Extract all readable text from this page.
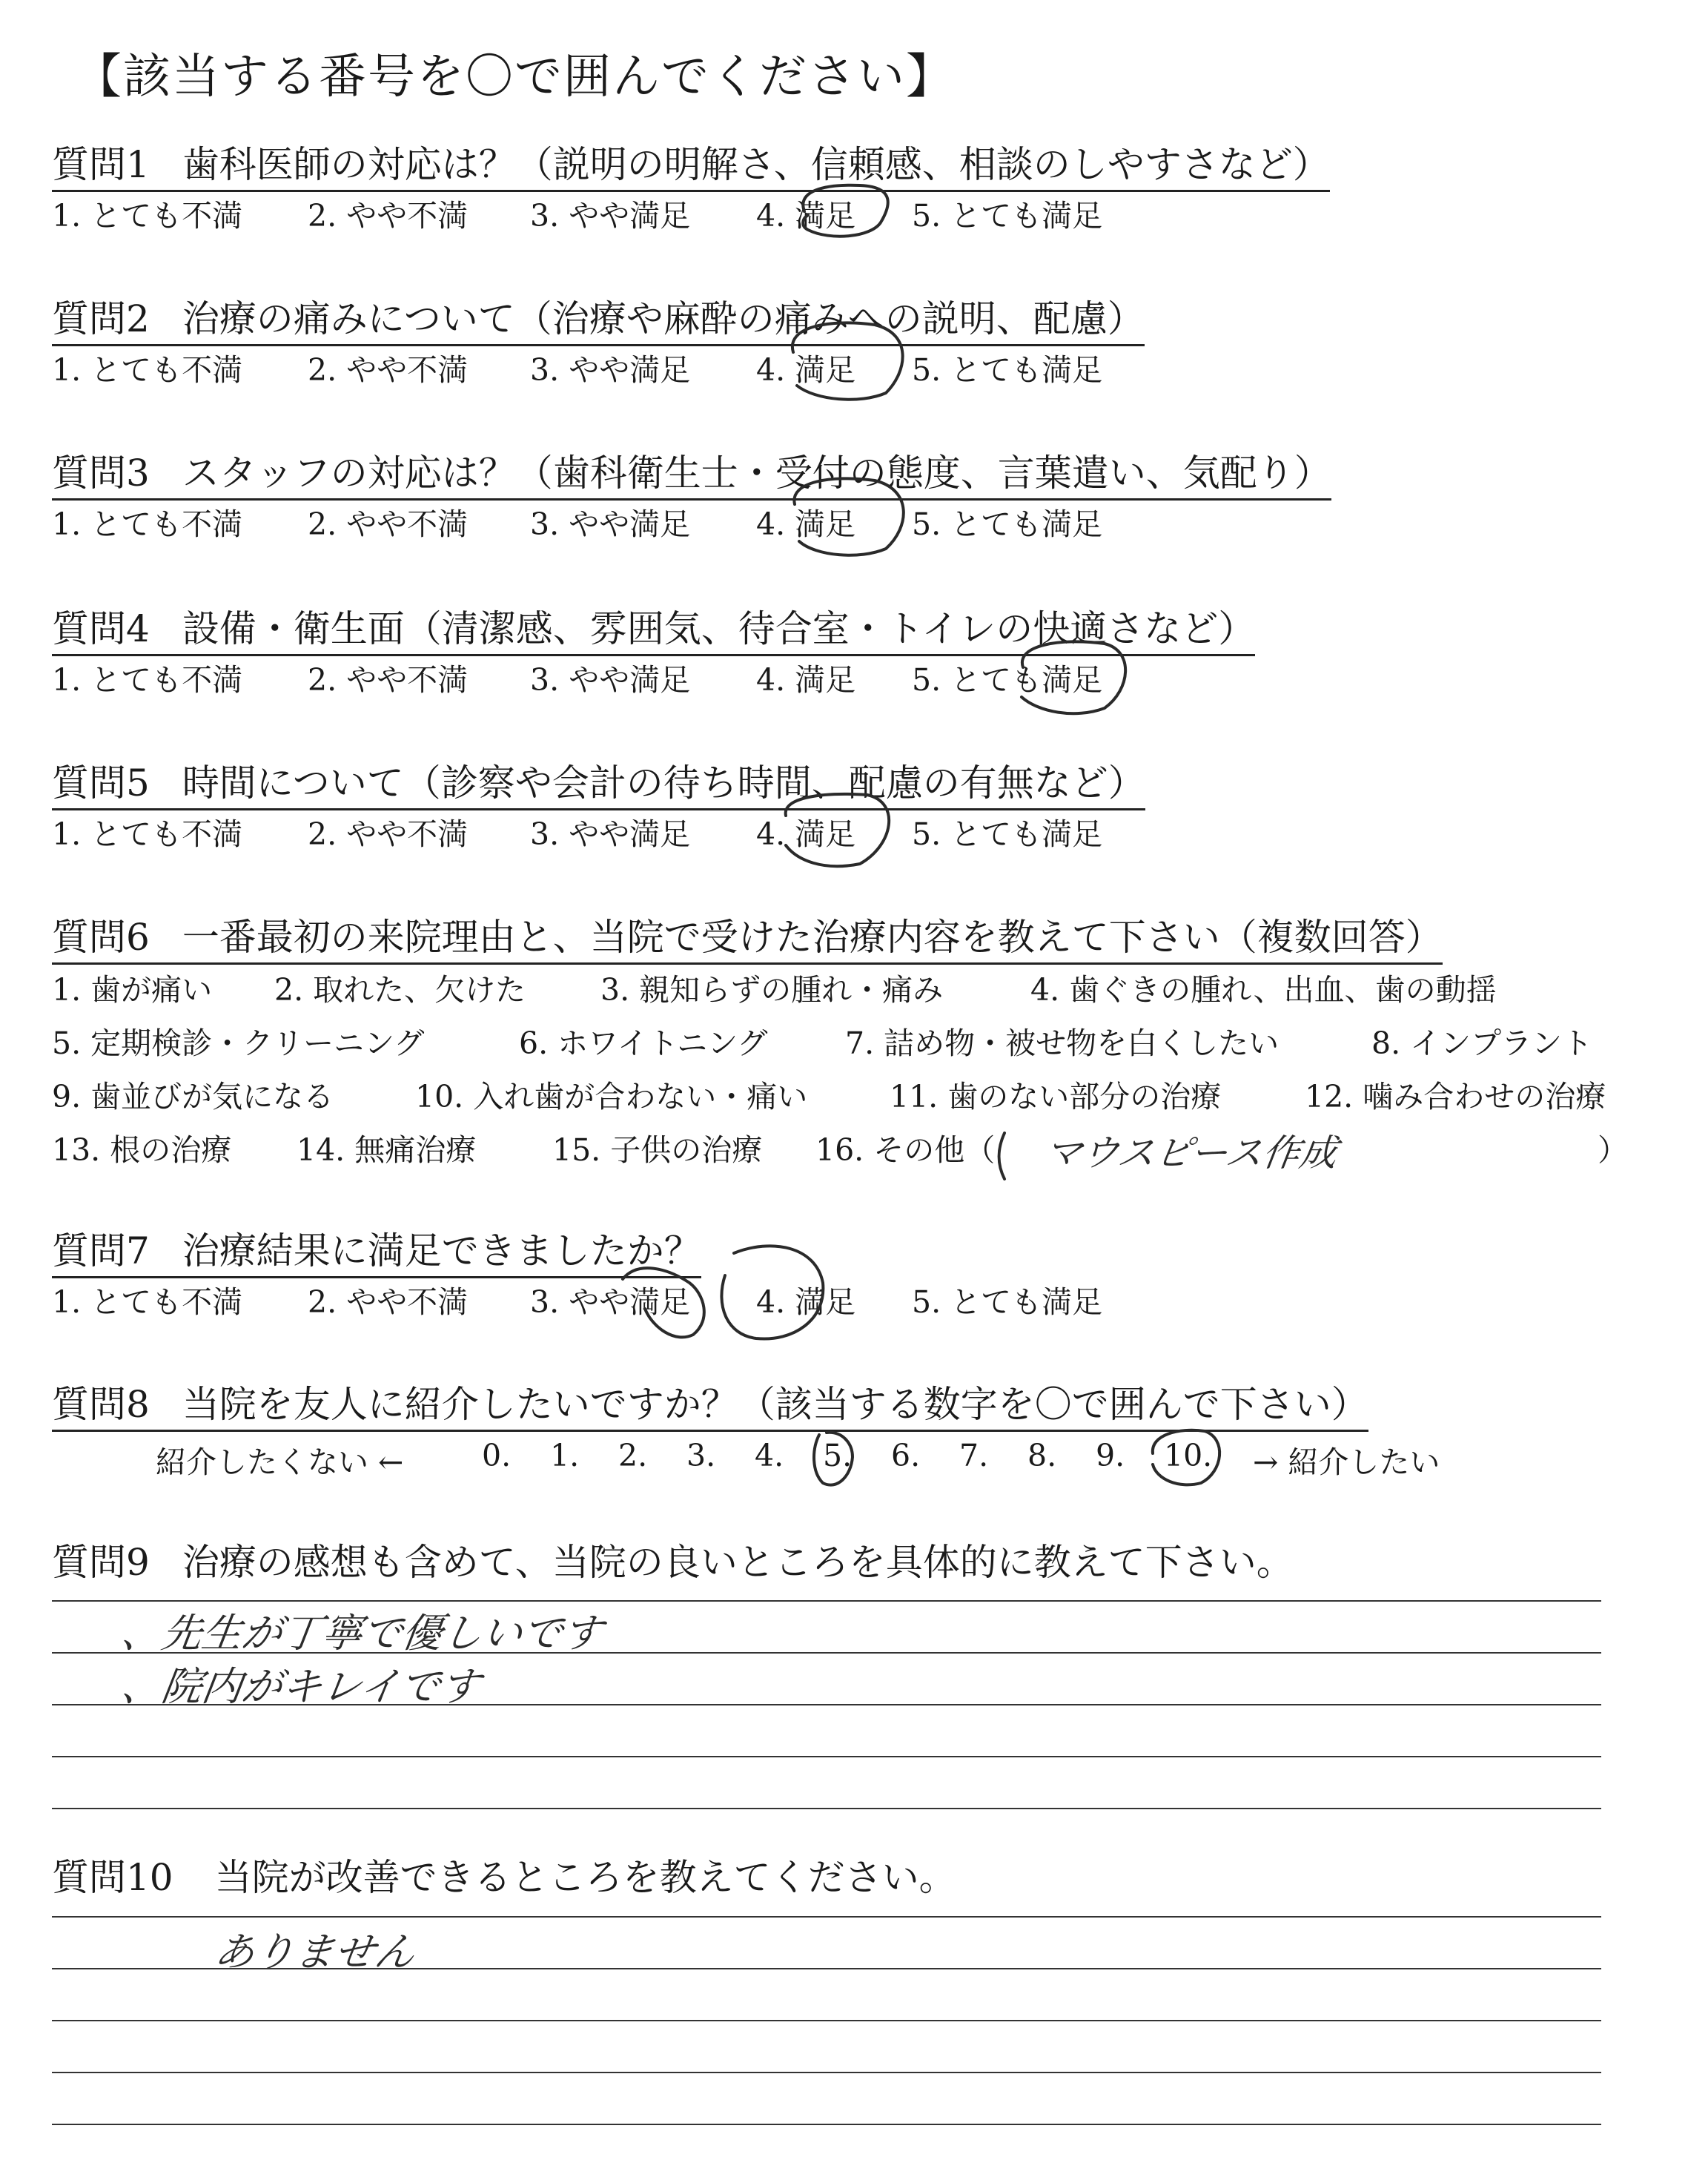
【該当する番号を〇で囲んでください】
質問1 歯科医師の対応は？（説明の明解さ、信頼感、相談のしやすさなど）
1. とても不満 2. やや不満 3. やや満足 4. 満足 5. とても満足
質問2 治療の痛みについて（治療や麻酔の痛みへの説明、配慮）
1. とても不満 2. やや不満 3. やや満足 4. 満足 5. とても満足
質問3 スタッフの対応は？（歯科衛生士・受付の態度、言葉遣い、気配り）
1. とても不満 2. やや不満 3. やや満足 4. 満足 5. とても満足
質問4 設備・衛生面（清潔感、雰囲気、待合室・トイレの快適さなど）
1. とても不満 2. やや不満 3. やや満足 4. 満足 5. とても満足
質問5 時間について（診察や会計の待ち時間、配慮の有無など）
1. とても不満 2. やや不満 3. やや満足 4. 満足 5. とても満足
質問6 一番最初の来院理由と、当院で受けた治療内容を教えて下さい（複数回答）
1. 歯が痛い 2. 取れた、欠けた 3. 親知らずの腫れ・痛み	4. 歯ぐきの腫れ、出血、歯の動揺
5. 定期検診・クリーニング	6. ホワイトニング	7. 詰め物・被せ物を白くしたい	8. インプラント
9. 歯並びが気になる	10. 入れ歯が合わない・痛い	11. 歯のない部分の治療	12. 噛み合わせの治療
13. 根の治療 14. 無痛治療	15. 子供の治療 16. その他（	）
マウスピース作成
質問7 治療結果に満足できましたか？
1. とても不満 2. やや不満 3. やや満足 4. 満足 5. とても満足
質問8 当院を友人に紹介したいですか？（該当する数字を〇で囲んで下さい）
紹介したくない ←	0. 1. 2. 3. 4. 5. 6. 7. 8. 9. 10. → 紹介したい
質問9 治療の感想も含めて、当院の良いところを具体的に教えて下さい。
、先生が丁寧で優しいです
、院内がキレイです
質問10 当院が改善できるところを教えてください。
ありません
